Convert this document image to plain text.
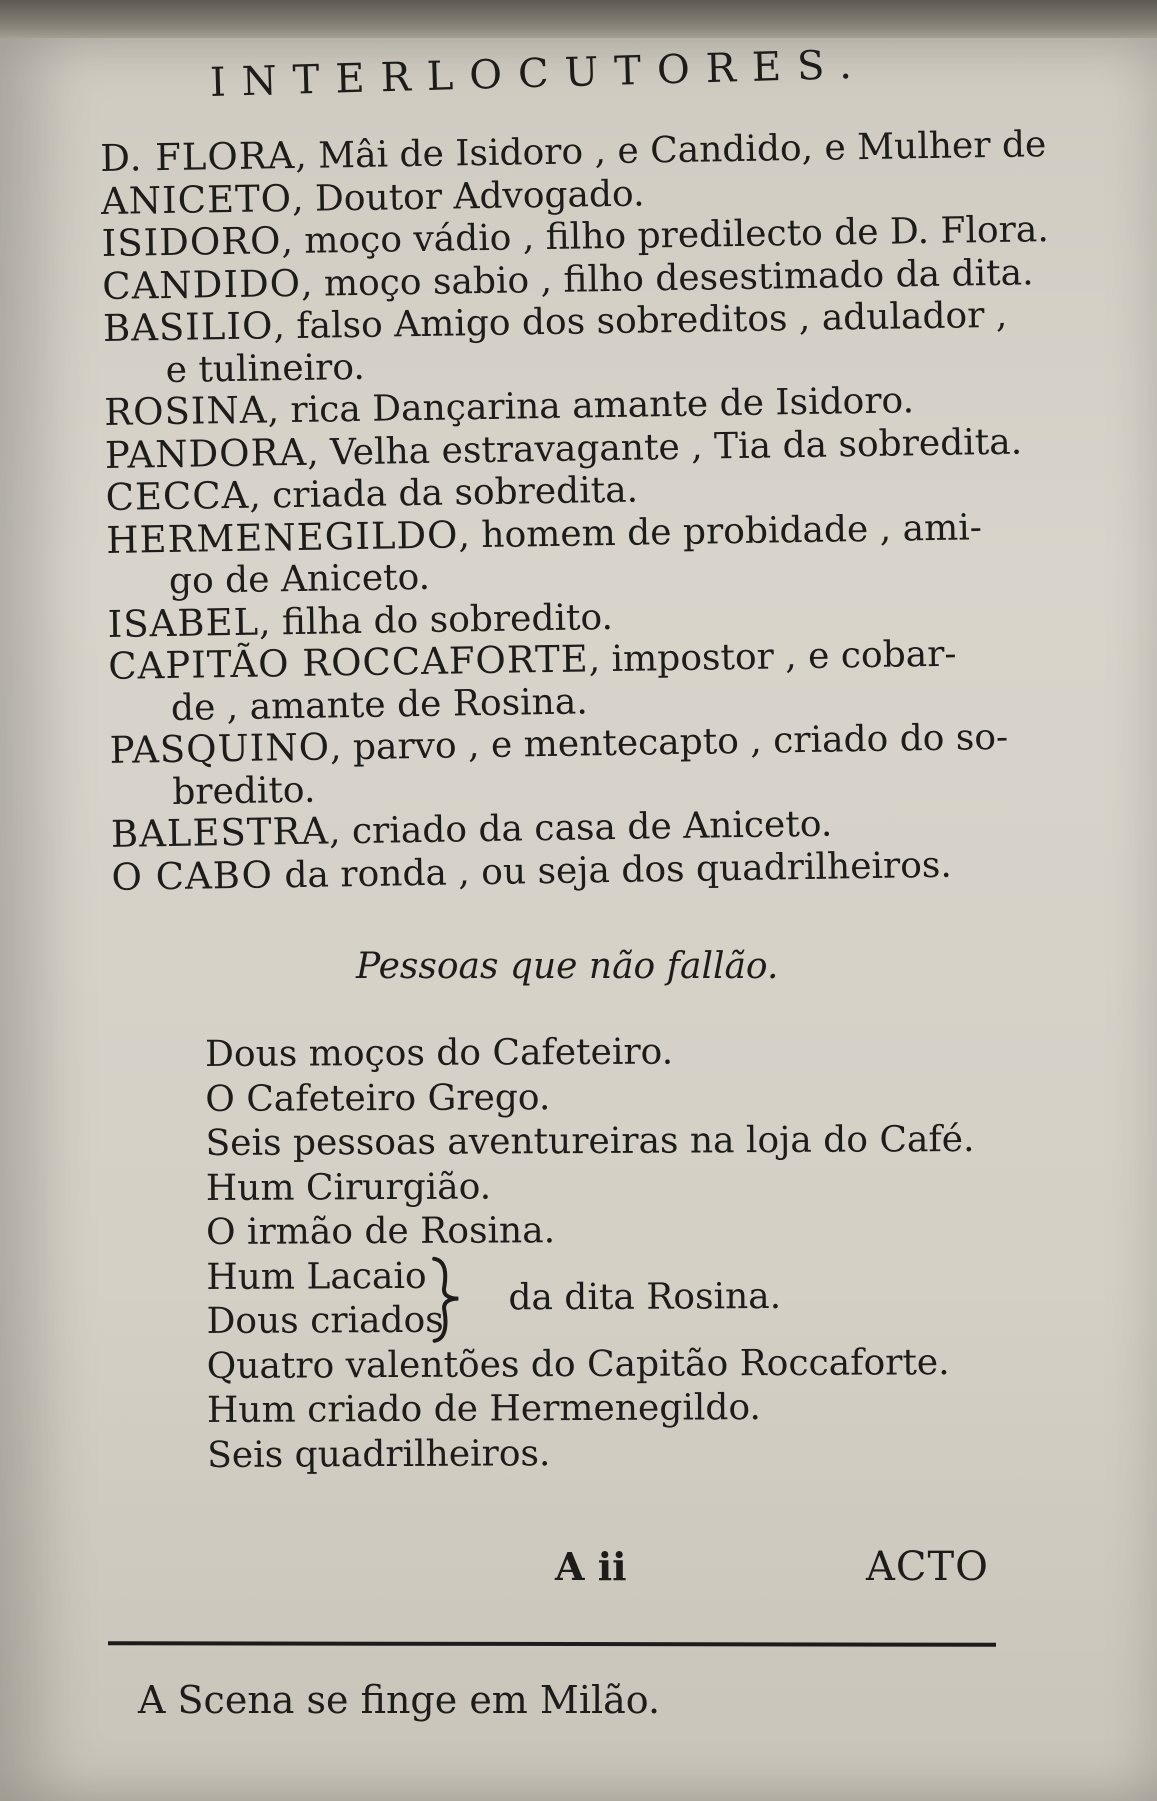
INTERLOCUTORES.
D. FLORA, Mâi de Isidoro , e Candido, e Mulher de
ANICETO, Doutor Advogado.
ISIDORO, moço vádio , filho predilecto de D. Flora.
CANDIDO, moço sabio , filho desestimado da dita.
BASILIO, falso Amigo dos sobreditos , adulador ,
e tulineiro.
ROSINA, rica Dançarina amante de Isidoro.
PANDORA, Velha estravagante , Tia da sobredita.
CECCA, criada da sobredita.
HERMENEGILDO, homem de probidade , ami-
go de Aniceto.
ISABEL, filha do sobredito.
CAPITÃO ROCCAFORTE, impostor , e cobar-
de , amante de Rosina.
PASQUINO, parvo , e mentecapto , criado do so-
bredito.
BALESTRA, criado da casa de Aniceto.
O CABO da ronda , ou seja dos quadrilheiros.
Pessoas que não fallão.
Dous moços do Cafeteiro.
O Cafeteiro Grego.
Seis pessoas aventureiras na loja do Café.
Hum Cirurgião.
O irmão de Rosina.
Hum Lacaio
Dous criados
da dita Rosina.
Quatro valentões do Capitão Roccaforte.
Hum criado de Hermenegildo.
Seis quadrilheiros.
A ii	ACTO
A Scena se finge em Milão.
